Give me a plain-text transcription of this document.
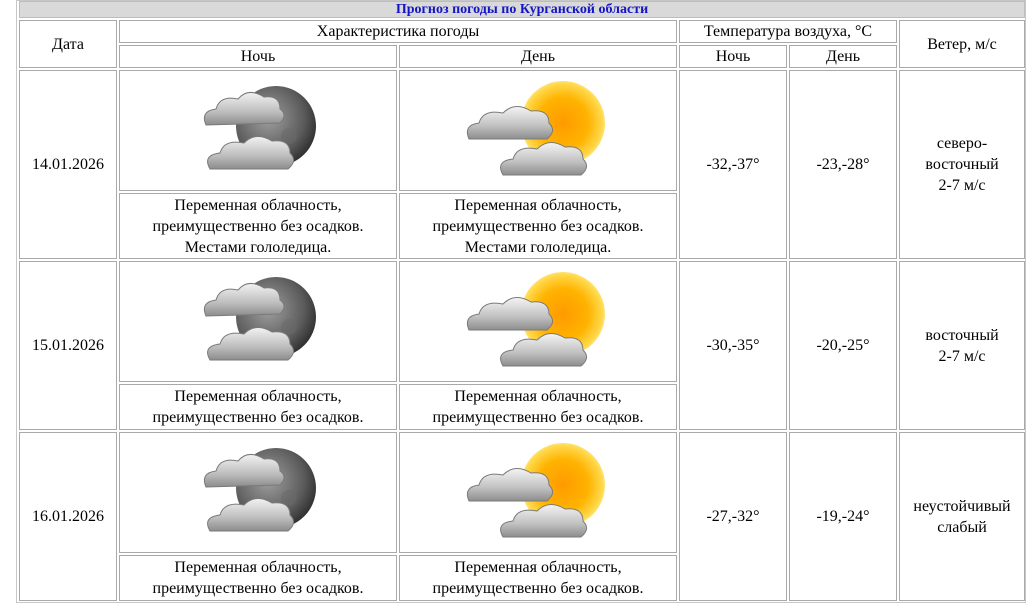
Прогноз погоды по Курганской области					
Дата	Характеристика погоды		Температура воздуха, °C		Ветер, м/с
	Ночь	День	Ночь	День	
14.01.2026			-32,-37°	-23,-28°	северо-
восточный
2-7 м/с
	Переменная облачность,
преимущественно без осадков.
Местами гололедица.	Переменная облачность,
преимущественно без осадков.
Местами гололедица.			
15.01.2026			-30,-35°	-20,-25°	восточный
2-7 м/с
	Переменная облачность,
преимущественно без осадков.	Переменная облачность,
преимущественно без осадков.			
16.01.2026			-27,-32°	-19,-24°	неустойчивый
слабый
	Переменная облачность,
преимущественно без осадков.	Переменная облачность,
преимущественно без осадков.			
